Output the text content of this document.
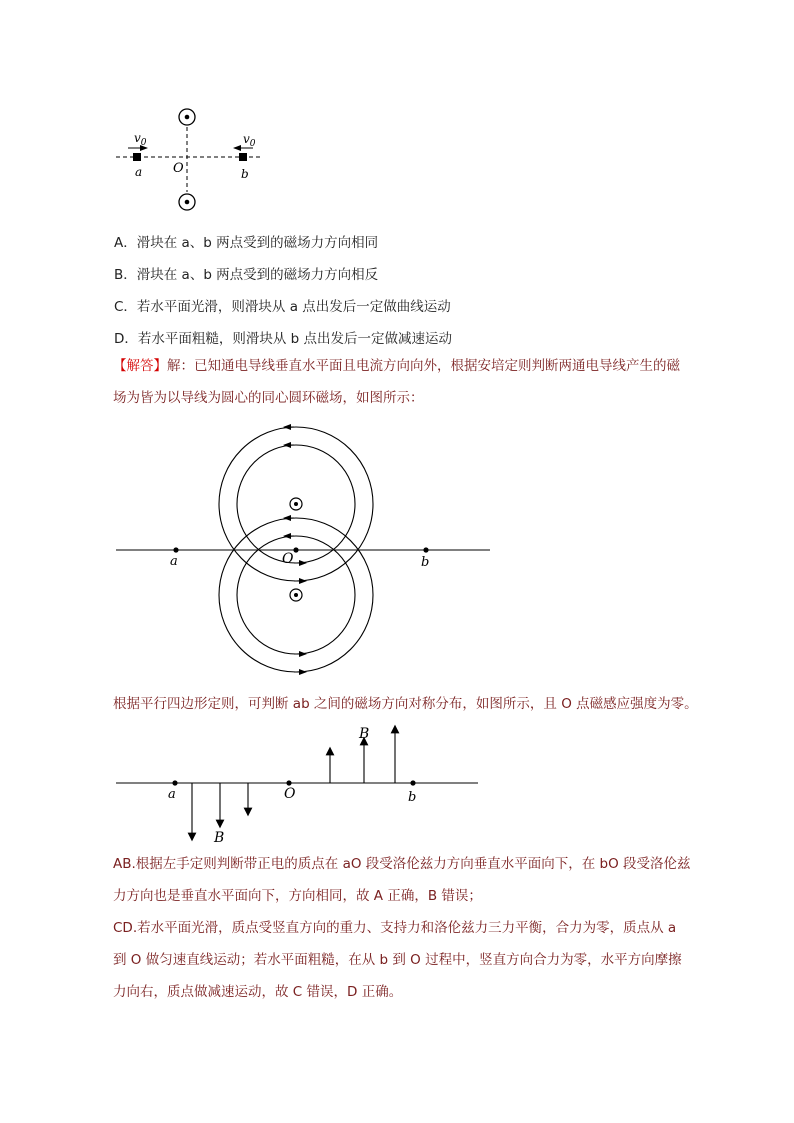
$v_0$	$v_0$
a O	b
A．滑块在 a、b 两点受到的磁场力方向相同
B．滑块在 a、b 两点受到的磁场力方向相反
C．若水平面光滑，则滑块从 a 点出发后一定做曲线运动
D．若水平面粗糙，则滑块从 b 点出发后一定做减速运动
【解答】解：已知通电导线垂直水平面且电流方向向外，根据安培定则判断两通电导线产生的磁
场为皆为以导线为圆心的同心圆环磁场，如图所示：
a	O	b
根据平行四边形定则，可判断 ab 之间的磁场方向对称分布，如图所示，且 O 点磁感应强度为零。
a	O	b
B
B
AB.根据左手定则判断带正电的质点在 aO 段受洛伦兹力方向垂直水平面向下，在 bO 段受洛伦兹
力方向也是垂直水平面向下，方向相同，故 A 正确，B 错误；
CD.若水平面光滑，质点受竖直方向的重力、支持力和洛伦兹力三力平衡，合力为零，质点从 a
到 O 做匀速直线运动；若水平面粗糙，在从 b 到 O 过程中，竖直方向合力为零，水平方向摩擦
力向右，质点做减速运动，故 C 错误，D 正确。
